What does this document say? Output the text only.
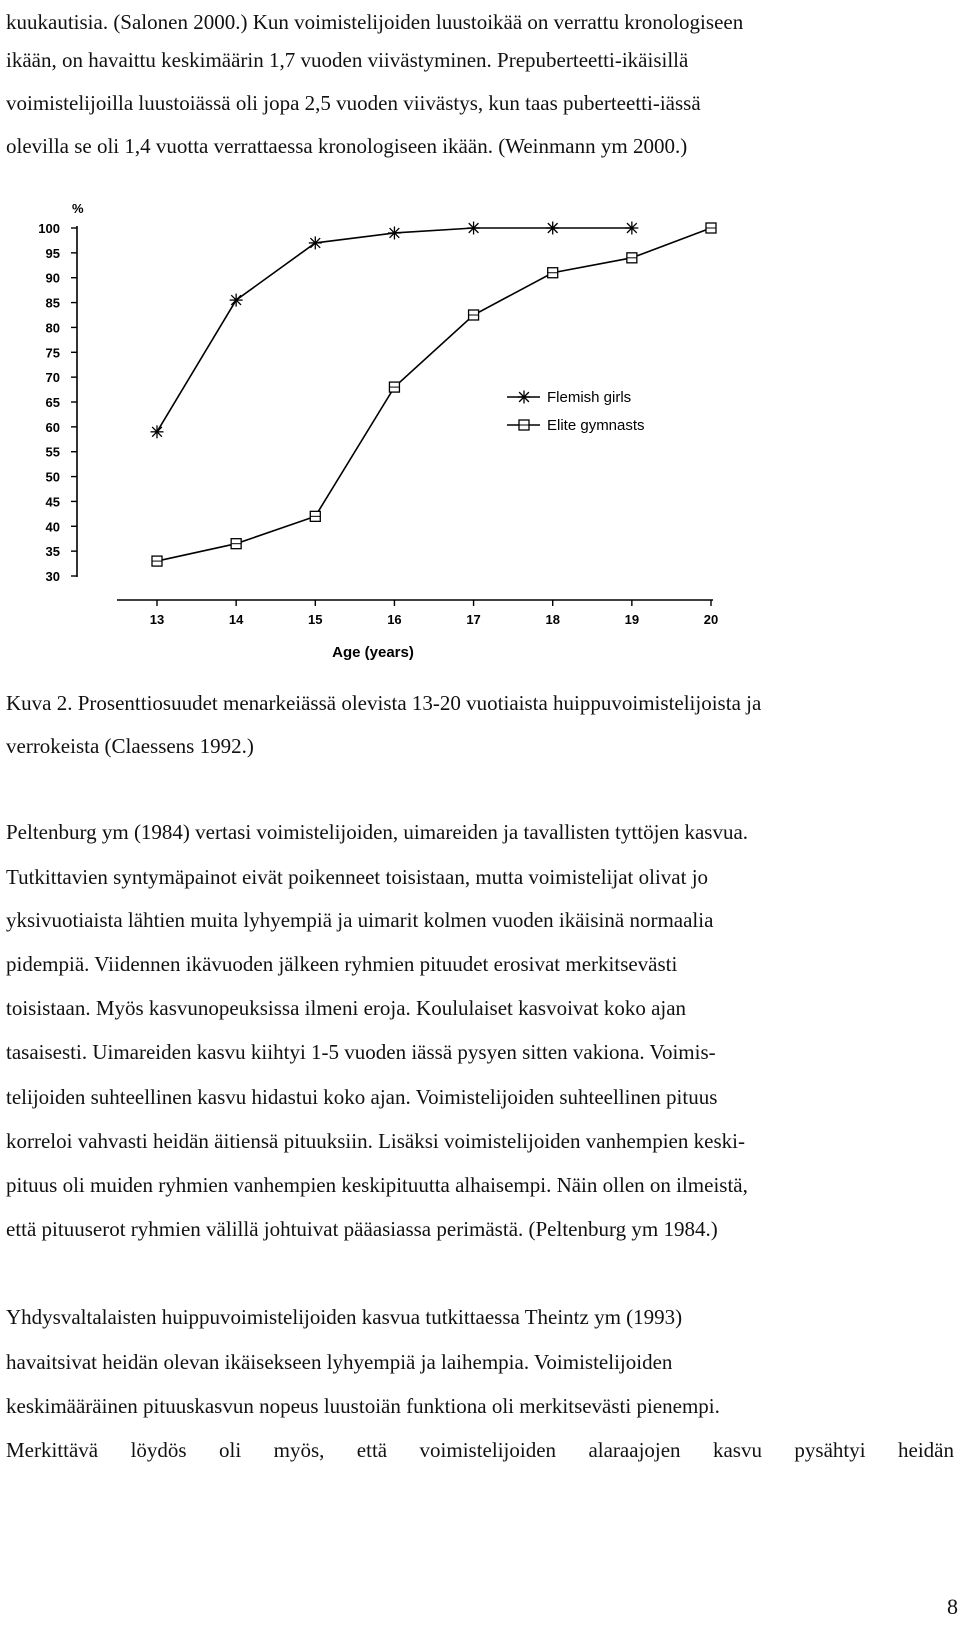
kuukautisia. (Salonen 2000.) Kun voimistelijoiden luustoikää on verrattu kronologiseen

ikään, on havaittu keskimäärin 1,7 vuoden viivästyminen. Prepuberteetti-ikäisillä

voimistelijoilla luustoiässä oli jopa 2,5 vuoden viivästys, kun taas puberteetti-iässä

olevilla se oli 1,4 vuotta verrattaessa kronologiseen ikään. (Weinmann ym 2000.)

100
95
90
85
80
75
70
65
60
55
50
45
40
35
30
%
13	14	15	16	17	18	19	20
Age (years)
Flemish girls
Elite gymnasts

Kuva 2. Prosenttiosuudet menarkeiässä olevista 13-20 vuotiaista huippuvoimistelijoista ja

verrokeista (Claessens 1992.)

Peltenburg ym (1984) vertasi voimistelijoiden, uimareiden ja tavallisten tyttöjen kasvua.

Tutkittavien syntymäpainot eivät poikenneet toisistaan, mutta voimistelijat olivat jo

yksivuotiaista lähtien muita lyhyempiä ja uimarit kolmen vuoden ikäisinä normaalia

pidempiä. Viidennen ikävuoden jälkeen ryhmien pituudet erosivat merkitsevästi

toisistaan. Myös kasvunopeuksissa ilmeni eroja. Koululaiset kasvoivat koko ajan

tasaisesti. Uimareiden kasvu kiihtyi 1-5 vuoden iässä pysyen sitten vakiona. Voimis-

telijoiden suhteellinen kasvu hidastui koko ajan. Voimistelijoiden suhteellinen pituus

korreloi vahvasti heidän äitiensä pituuksiin. Lisäksi voimistelijoiden vanhempien keski-

pituus oli muiden ryhmien vanhempien keskipituutta alhaisempi. Näin ollen on ilmeistä,

että pituuserot ryhmien välillä johtuivat pääasiassa perimästä. (Peltenburg ym 1984.)

Yhdysvaltalaisten huippuvoimistelijoiden kasvua tutkittaessa Theintz ym (1993)

havaitsivat heidän olevan ikäisekseen lyhyempiä ja laihempia. Voimistelijoiden

keskimääräinen pituuskasvun nopeus luustoiän funktiona oli merkitsevästi pienempi.

Merkittävä löydös oli myös, että voimistelijoiden alaraajojen kasvu pysähtyi heidän

8
